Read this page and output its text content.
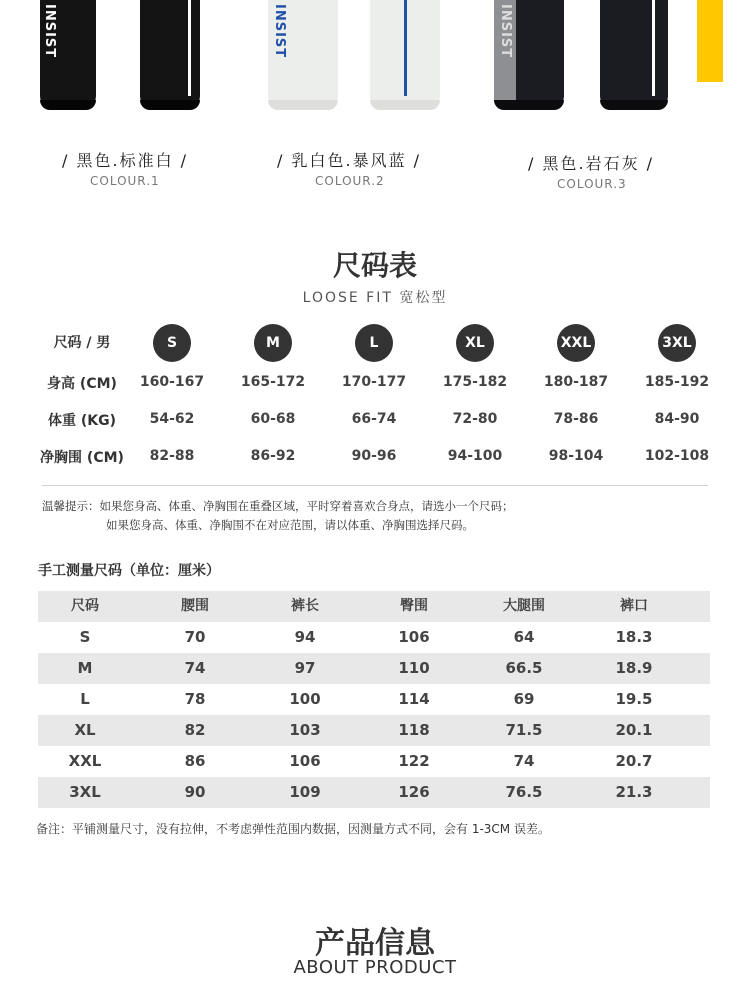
INSIST	INSIST	INSIST
/ 黑色.标准白 /
COLOUR.1
/ 乳白色.暴风蓝 /
COLOUR.2
/ 黑色.岩石灰 /
COLOUR.3
尺码表
LOOSE FIT 宽松型
尺码 / 男	S	M	L	XL	XXL	3XL
身高 (CM)	160-167	165-172	170-177	175-182	180-187	185-192
体重 (KG)	54-62	60-68	66-74	72-80	78-86	84-90
净胸围 (CM)	82-88	86-92	90-96	94-100	98-104	102-108
温馨提示：如果您身高、体重、净胸围在重叠区域，平时穿着喜欢合身点，请选小一个尺码；
如果您身高、体重、净胸围不在对应范围，请以体重、净胸围选择尺码。
手工测量尺码（单位：厘米）
尺码	腰围	裤长	臀围	大腿围	裤口
S	70	94	106	64	18.3
M	74	97	110	66.5	18.9
L	78	100	114	69	19.5
XL	82	103	118	71.5	20.1
XXL	86	106	122	74	20.7
3XL	90	109	126	76.5	21.3
备注：平铺测量尺寸，没有拉伸，不考虑弹性范围内数据，因测量方式不同，会有 1-3CM 误差。
产品信息
ABOUT PRODUCT
